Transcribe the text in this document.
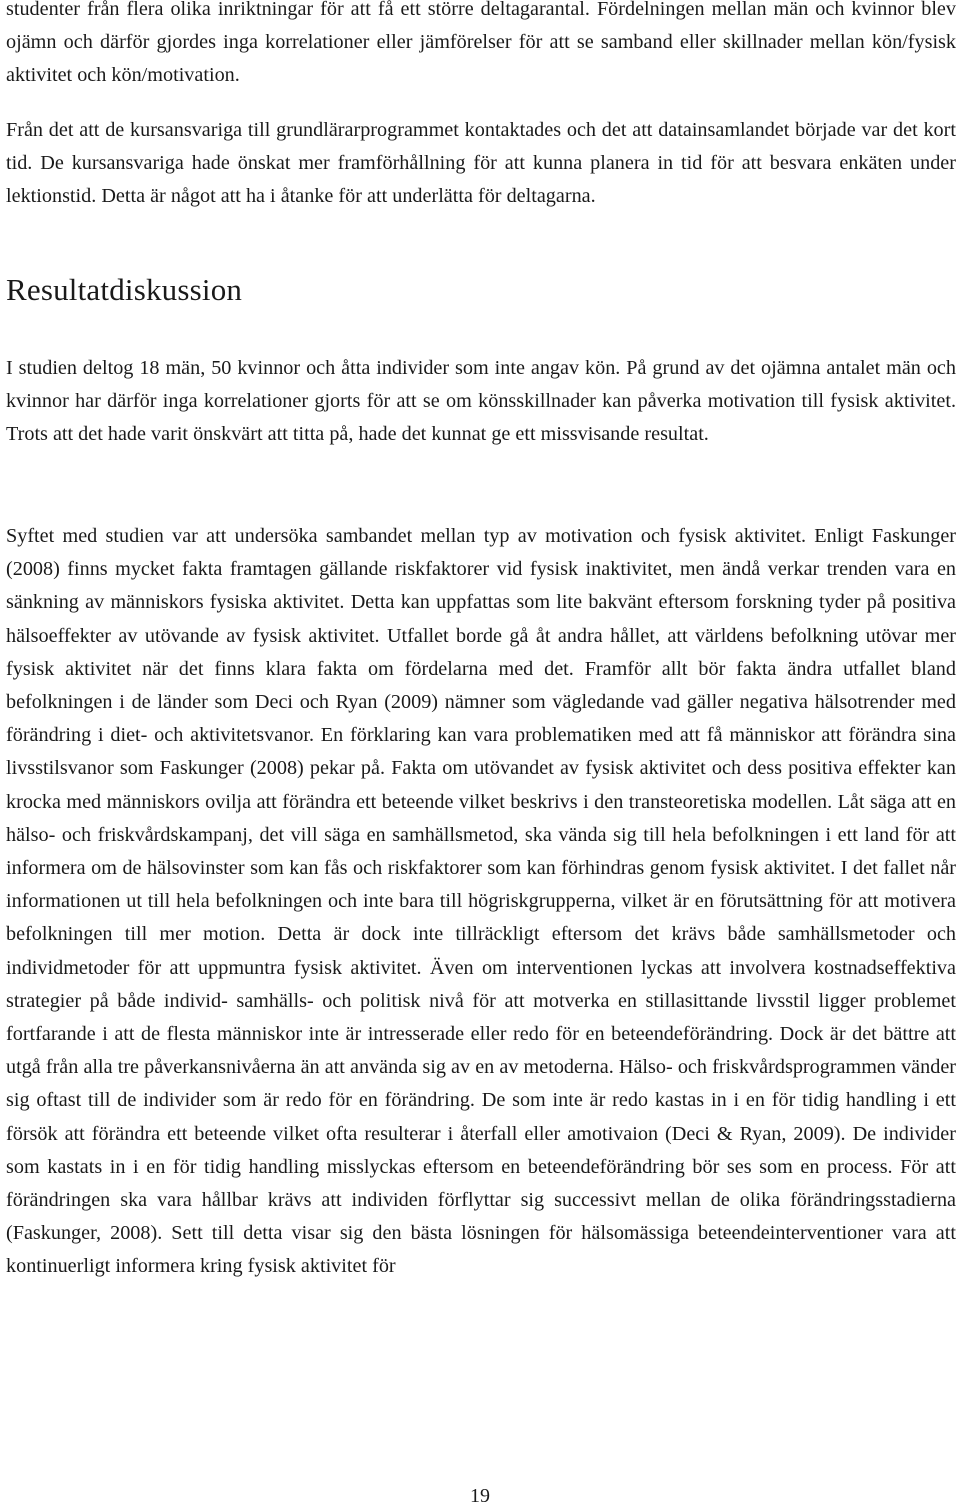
studenter från flera olika inriktningar för att få ett större deltagarantal. Fördelningen mellan män och kvinnor blev ojämn och därför gjordes inga korrelationer eller jämförelser för att se samband eller skillnader mellan kön/fysisk aktivitet och kön/motivation.

Från det att de kursansvariga till grundlärarprogrammet kontaktades och det att datainsamlandet började var det kort tid. De kursansvariga hade önskat mer framförhållning för att kunna planera in tid för att besvara enkäten under lektionstid. Detta är något att ha i åtanke för att underlätta för deltagarna.

Resultatdiskussion

I studien deltog 18 män, 50 kvinnor och åtta individer som inte angav kön. På grund av det ojämna antalet män och kvinnor har därför inga korrelationer gjorts för att se om könsskillnader kan påverka motivation till fysisk aktivitet. Trots att det hade varit önskvärt att titta på, hade det kunnat ge ett missvisande resultat.

Syftet med studien var att undersöka sambandet mellan typ av motivation och fysisk aktivitet. Enligt Faskunger (2008) finns mycket fakta framtagen gällande riskfaktorer vid fysisk inaktivitet, men ändå verkar trenden vara en sänkning av människors fysiska aktivitet. Detta kan uppfattas som lite bakvänt eftersom forskning tyder på positiva hälsoeffekter av utövande av fysisk aktivitet. Utfallet borde gå åt andra hållet, att världens befolkning utövar mer fysisk aktivitet när det finns klara fakta om fördelarna med det. Framför allt bör fakta ändra utfallet bland befolkningen i de länder som Deci och Ryan (2009) nämner som vägledande vad gäller negativa hälsotrender med förändring i diet- och aktivitetsvanor. En förklaring kan vara problematiken med att få människor att förändra sina livsstilsvanor som Faskunger (2008) pekar på. Fakta om utövandet av fysisk aktivitet och dess positiva effekter kan krocka med människors ovilja att förändra ett beteende vilket beskrivs i den transteoretiska modellen. Låt säga att en hälso- och friskvårdskampanj, det vill säga en samhällsmetod, ska vända sig till hela befolkningen i ett land för att informera om de hälsovinster som kan fås och riskfaktorer som kan förhindras genom fysisk aktivitet. I det fallet når informationen ut till hela befolkningen och inte bara till högriskgrupperna, vilket är en förutsättning för att motivera befolkningen till mer motion. Detta är dock inte tillräckligt eftersom det krävs både samhällsmetoder och individmetoder för att uppmuntra fysisk aktivitet. Även om interventionen lyckas att involvera kostnadseffektiva strategier på både individ- samhälls- och politisk nivå för att motverka en stillasittande livsstil ligger problemet fortfarande i att de flesta människor inte är intresserade eller redo för en beteendeförändring. Dock är det bättre att utgå från alla tre påverkansnivåerna än att använda sig av en av metoderna. Hälso- och friskvårdsprogrammen vänder sig oftast till de individer som är redo för en förändring. De som inte är redo kastas in i en för tidig handling i ett försök att förändra ett beteende vilket ofta resulterar i återfall eller amotivaion (Deci & Ryan, 2009). De individer som kastats in i en för tidig handling misslyckas eftersom en beteendeförändring bör ses som en process. För att förändringen ska vara hållbar krävs att individen förflyttar sig successivt mellan de olika förändringsstadierna (Faskunger, 2008). Sett till detta visar sig den bästa lösningen för hälsomässiga beteendeinterventioner vara att kontinuerligt informera kring fysisk aktivitet för

19
